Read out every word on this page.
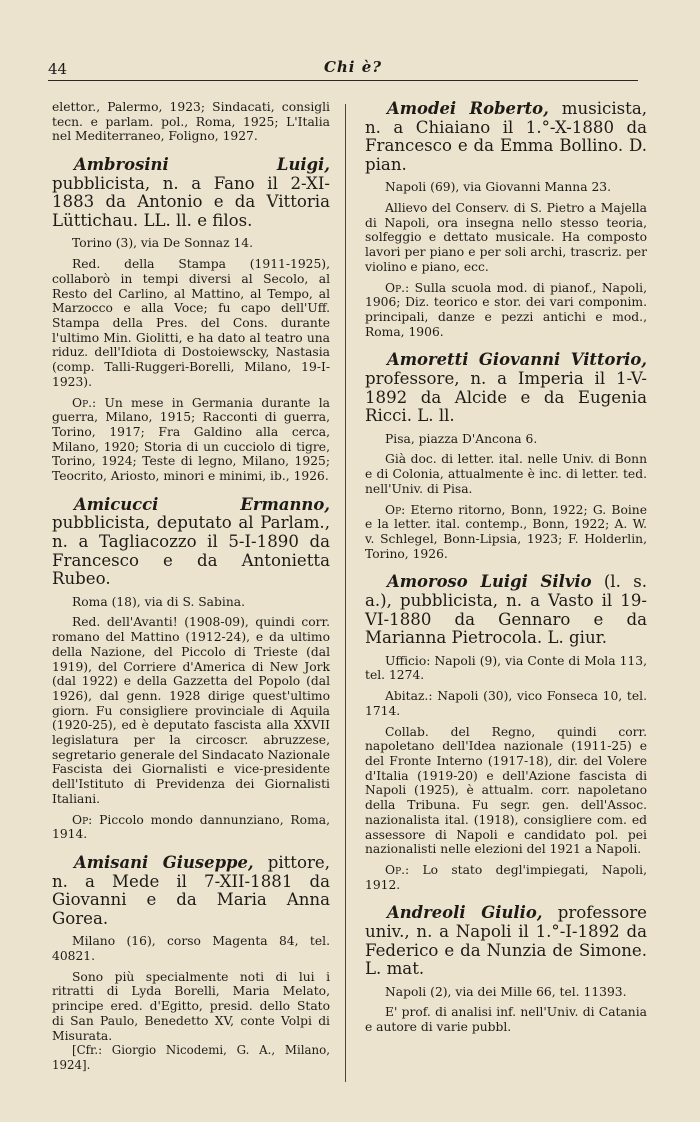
44	Chi è?

elettor., Palermo, 1923; Sindacati, consigli tecn. e parlam. pol., Roma, 1925; L'Italia nel Mediterraneo, Foligno, 1927.

Ambrosini Luigi, pubblicista, n. a Fano il 2-XI-1883 da Antonio e da Vittoria Lüttichau. LL. ll. e filos.

Torino (3), via De Sonnaz 14.

Red. della Stampa (1911-1925), collaborò in tempi diversi al Secolo, al Resto del Carlino, al Mattino, al Tempo, al Marzocco e alla Voce; fu capo dell'Uff. Stampa della Pres. del Cons. durante l'ultimo Min. Giolitti, e ha dato al teatro una riduz. dell'Idiota di Dostoiewscky, Nastasia (comp. Talli-Ruggeri-Borelli, Milano, 19-I-1923).

Op.: Un mese in Germania durante la guerra, Milano, 1915; Racconti di guerra, Torino, 1917; Fra Galdino alla cerca, Milano, 1920; Storia di un cucciolo di tigre, Torino, 1924; Teste di legno, Milano, 1925; Teocrito, Ariosto, minori e minimi, ib., 1926.

Amicucci Ermanno, pubblicista, deputato al Parlam., n. a Tagliacozzo il 5-I-1890 da Francesco e da Antonietta Rubeo.

Roma (18), via di S. Sabina.

Red. dell'Avanti! (1908-09), quindi corr. romano del Mattino (1912-24), e da ultimo della Nazione, del Piccolo di Trieste (dal 1919), del Corriere d'America di New Jork (dal 1922) e della Gazzetta del Popolo (dal 1926), dal genn. 1928 dirige quest'ultimo giorn. Fu consigliere provinciale di Aquila (1920-25), ed è deputato fascista alla XXVII legislatura per la circoscr. abruzzese, segretario generale del Sindacato Nazionale Fascista dei Giornalisti e vice-presidente dell'Istituto di Previdenza dei Giornalisti Italiani.

Op: Piccolo mondo dannunziano, Roma, 1914.

Amisani Giuseppe, pittore, n. a Mede il 7-XII-1881 da Giovanni e da Maria Anna Gorea.

Milano (16), corso Magenta 84, tel. 40821.

Sono più specialmente noti di lui i ritratti di Lyda Borelli, Maria Melato, principe ered. d'Egitto, presid. dello Stato di San Paulo, Benedetto XV, conte Volpi di Misurata.

[Cfr.: Giorgio Nicodemi, G. A., Milano, 1924].

Amodei Roberto, musicista, n. a Chiaiano il 1.°-X-1880 da Francesco e da Emma Bollino. D. pian.

Napoli (69), via Giovanni Manna 23.

Allievo del Conserv. di S. Pietro a Majella di Napoli, ora insegna nello stesso teoria, solfeggio e dettato musicale. Ha composto lavori per piano e per soli archi, trascriz. per violino e piano, ecc.

Op.: Sulla scuola mod. di pianof., Napoli, 1906; Diz. teorico e stor. dei vari componim. principali, danze e pezzi antichi e mod., Roma, 1906.

Amoretti Giovanni Vittorio, professore, n. a Imperia il 1-V-1892 da Alcide e da Eugenia Ricci. L. ll.

Pisa, piazza D'Ancona 6.

Già doc. di letter. ital. nelle Univ. di Bonn e di Colonia, attualmente è inc. di letter. ted. nell'Univ. di Pisa.

Op: Eterno ritorno, Bonn, 1922; G. Boine e la letter. ital. contemp., Bonn, 1922; A. W. v. Schlegel, Bonn-Lipsia, 1923; F. Holderlin, Torino, 1926.

Amoroso Luigi Silvio (l. s. a.), pubblicista, n. a Vasto il 19-VI-1880 da Gennaro e da Marianna Pietrocola. L. giur.

Ufficio: Napoli (9), via Conte di Mola 113, tel. 1274.

Abitaz.: Napoli (30), vico Fonseca 10, tel. 1714.

Collab. del Regno, quindi corr. napoletano dell'Idea nazionale (1911-25) e del Fronte Interno (1917-18), dir. del Volere d'Italia (1919-20) e dell'Azione fascista di Napoli (1925), è attualm. corr. napoletano della Tribuna. Fu segr. gen. dell'Assoc. nazionalista ital. (1918), consigliere com. ed assessore di Napoli e candidato pol. pei nazionalisti nelle elezioni del 1921 a Napoli.

Op.: Lo stato degl'impiegati, Napoli, 1912.

Andreoli Giulio, professore univ., n. a Napoli il 1.°-I-1892 da Federico e da Nunzia de Simone. L. mat.

Napoli (2), via dei Mille 66, tel. 11393.

E' prof. di analisi inf. nell'Univ. di Catania e autore di varie pubbl.
